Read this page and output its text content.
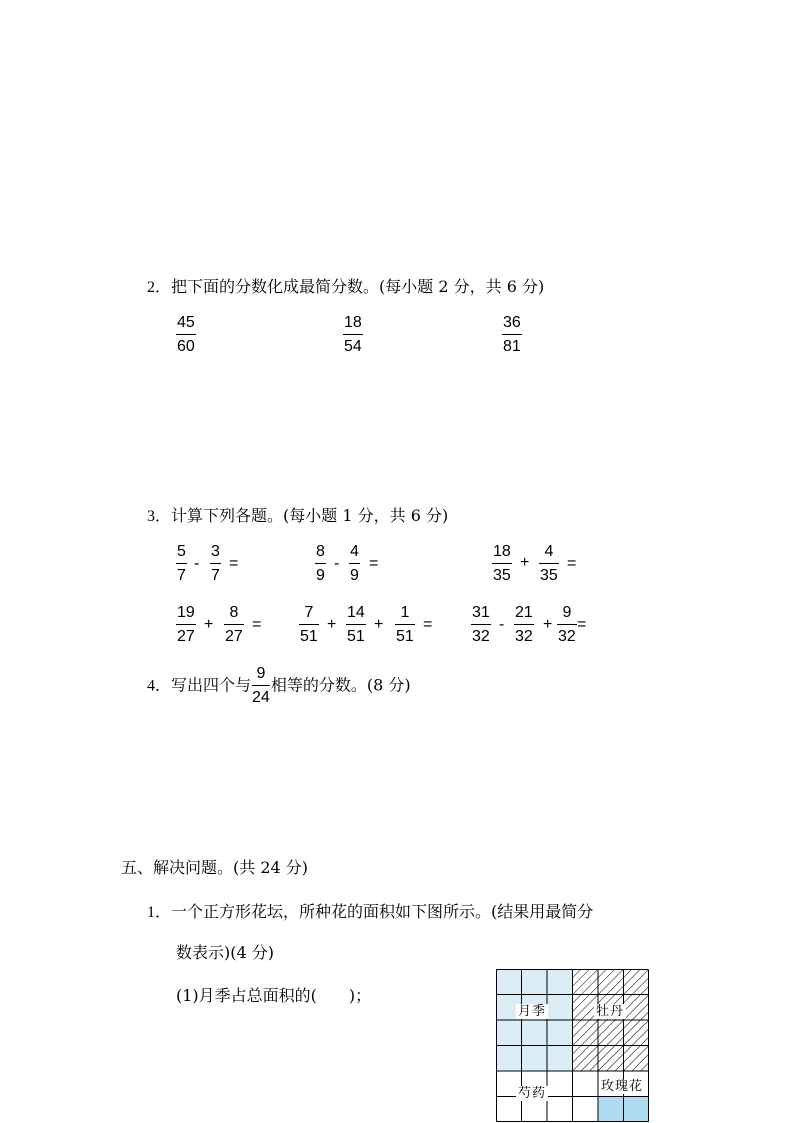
2．把下面的分数化成最简分数。(每小题 2 分，共 6 分)
45
60
18
54
36
81
3．计算下列各题。(每小题 1 分，共 6 分)
5
7
-
3
7
=
8
9
-
4
9
=
18
35
+
4
35
=
19
27
+
8
27
=
7
51
+
14
51
+
1
51
=
31
32
-
21
32
+
9
32
=
4．写出四个与 $\frac{9}{24}$ 相等的分数。(8 分)
五、解决问题。(共 24 分)
1．一个正方形花坛，所种花的面积如下图所示。(结果用最简分
数表示)(4 分)
(1)月季占总面积的(　　)；
月季	牡丹
芍药	玫瑰花
